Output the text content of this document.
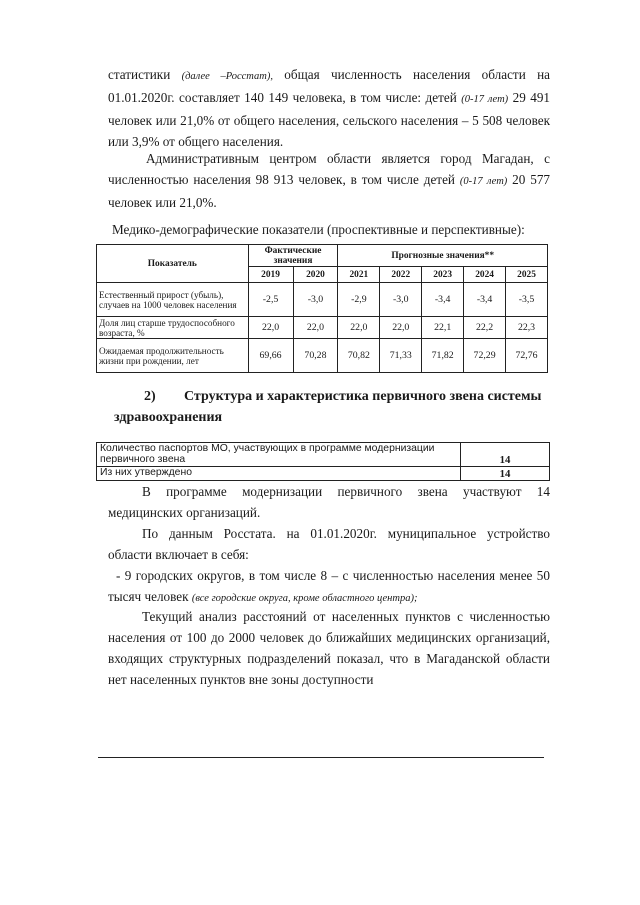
статистики (далее –Росстат), общая численность населения области на 01.01.2020г. составляет 140 149 человека, в том числе: детей (0-17 лет) 29 491 человек или 21,0% от общего населения, сельского населения – 5 508 человек или 3,9% от общего населения.

Административным центром области является город Магадан, с численностью населения 98 913 человек, в том числе детей (0-17 лет) 20 577 человек или 21,0%.

Медико-демографические показатели (проспективные и перспективные):

Показатель	Фактические значения		Прогнозные значения**				
	2019	2020	2021	2022	2023	2024	2025
Естественный прирост (убыль), случаев на 1000 человек населения	-2,5	-3,0	-2,9	-3,0	-3,4	-3,4	-3,5
Доля лиц старше трудоспособного возраста, %	22,0	22,0	22,0	22,0	22,1	22,2	22,3
Ожидаемая продолжительность жизни при рождении, лет	69,66	70,28	70,82	71,33	71,82	72,29	72,76

2) Структура и характеристика первичного звена системы здравоохранения

Количество паспортов МО, участвующих в программе модернизации первичного звена	14
Из них утверждено	14

В программе модернизации первичного звена участвуют 14 медицинских организаций.

По данным Росстата. на 01.01.2020г. муниципальное устройство области включает в себя:

- 9 городских округов, в том числе 8 – с численностью населения менее 50 тысяч человек (все городские округа, кроме областного центра);

Текущий анализ расстояний от населенных пунктов с численностью населения от 100 до 2000 человек до ближайших медицинских организаций, входящих структурных подразделений показал, что в Магаданской области нет населенных пунктов вне зоны доступности
